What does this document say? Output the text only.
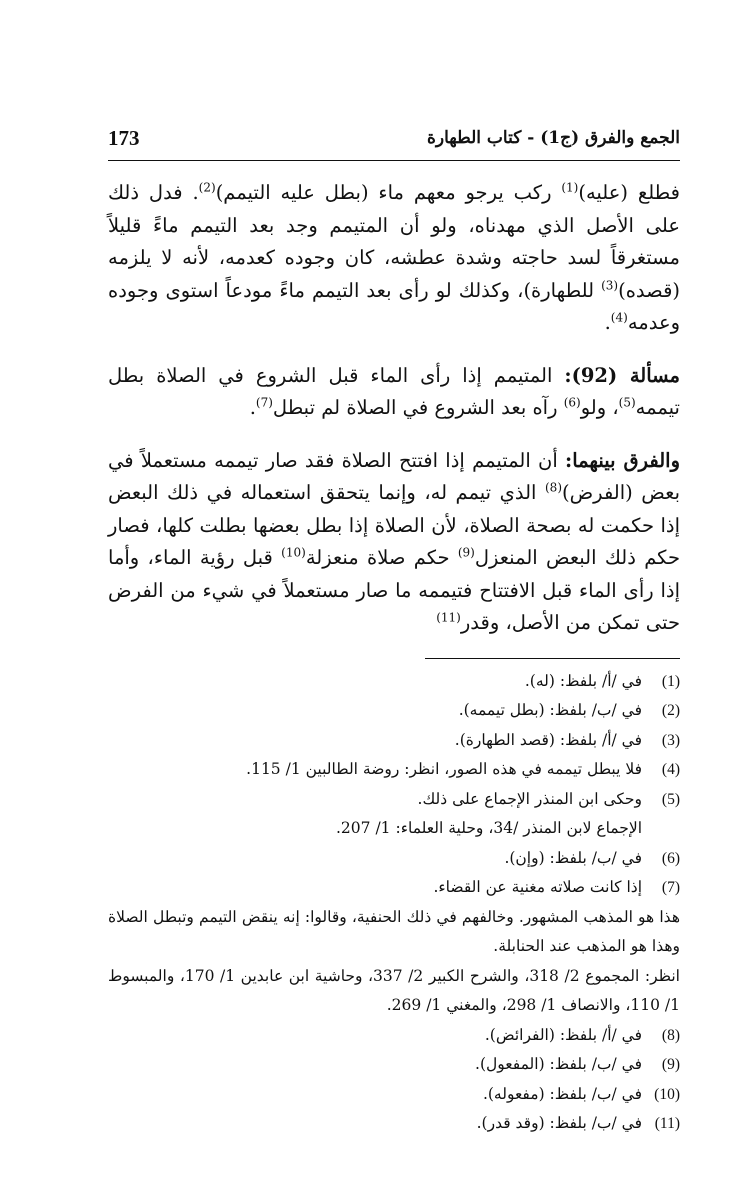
173	الجمع والفرق (ج1) - كتاب الطهارة

فطلع (عليه)$^{(1)}$ ركب يرجو معهم ماء (بطل عليه التيمم)$^{(2)}$. فدل ذلك على الأصل الذي مهدناه، ولو أن المتيمم وجد بعد التيمم ماءً قليلاً مستغرقاً لسد حاجته وشدة عطشه، كان وجوده كعدمه، لأنه لا يلزمه (قصده)$^{(3)}$ للطهارة)، وكذلك لو رأى بعد التيمم ماءً مودعاً استوى وجوده وعدمه$^{(4)}$.

مسألة (92): المتيمم إذا رأى الماء قبل الشروع في الصلاة بطل تيممه$^{(5)}$، ولو$^{(6)}$ رآه بعد الشروع في الصلاة لم تبطل$^{(7)}$.

والفرق بينهما: أن المتيمم إذا افتتح الصلاة فقد صار تيممه مستعملاً في بعض (الفرض)$^{(8)}$ الذي تيمم له، وإنما يتحقق استعماله في ذلك البعض إذا حكمت له بصحة الصلاة، لأن الصلاة إذا بطل بعضها بطلت كلها، فصار حكم ذلك البعض المنعزل$^{(9)}$ حكم صلاة منعزلة$^{(10)}$ قبل رؤية الماء، وأما إذا رأى الماء قبل الافتتاح فتيممه ما صار مستعملاً في شيء من الفرض حتى تمكن من الأصل، وقدر$^{(11)}$

(1)
في /أ/ بلفظ: (له).
(2)
في /ب/ بلفظ: (بطل تيممه).
(3)
في /أ/ بلفظ: (قصد الطهارة).
(4)
فلا يبطل تيممه في هذه الصور، انظر: روضة الطالبين 1/ 115.
(5)
وحكى ابن المنذر الإجماع على ذلك.
الإجماع لابن المنذر /34، وحلية العلماء: 1/ 207.
(6)
في /ب/ بلفظ: (وإن).
(7)
إذا كانت صلاته مغنية عن القضاء.
هذا هو المذهب المشهور. وخالفهم في ذلك الحنفية، وقالوا: إنه ينقض التيمم وتبطل الصلاة وهذا هو المذهب عند الحنابلة.
انظر: المجموع 2/ 318، والشرح الكبير 2/ 337، وحاشية ابن عابدين 1/ 170، والمبسوط 1/ 110، والانصاف 1/ 298، والمغني 1/ 269.
(8)
في /أ/ بلفظ: (الفرائض).
(9)
في /ب/ بلفظ: (المفعول).
(10)
في /ب/ بلفظ: (مفعوله).
(11)
في /ب/ بلفظ: (وقد قدر).
